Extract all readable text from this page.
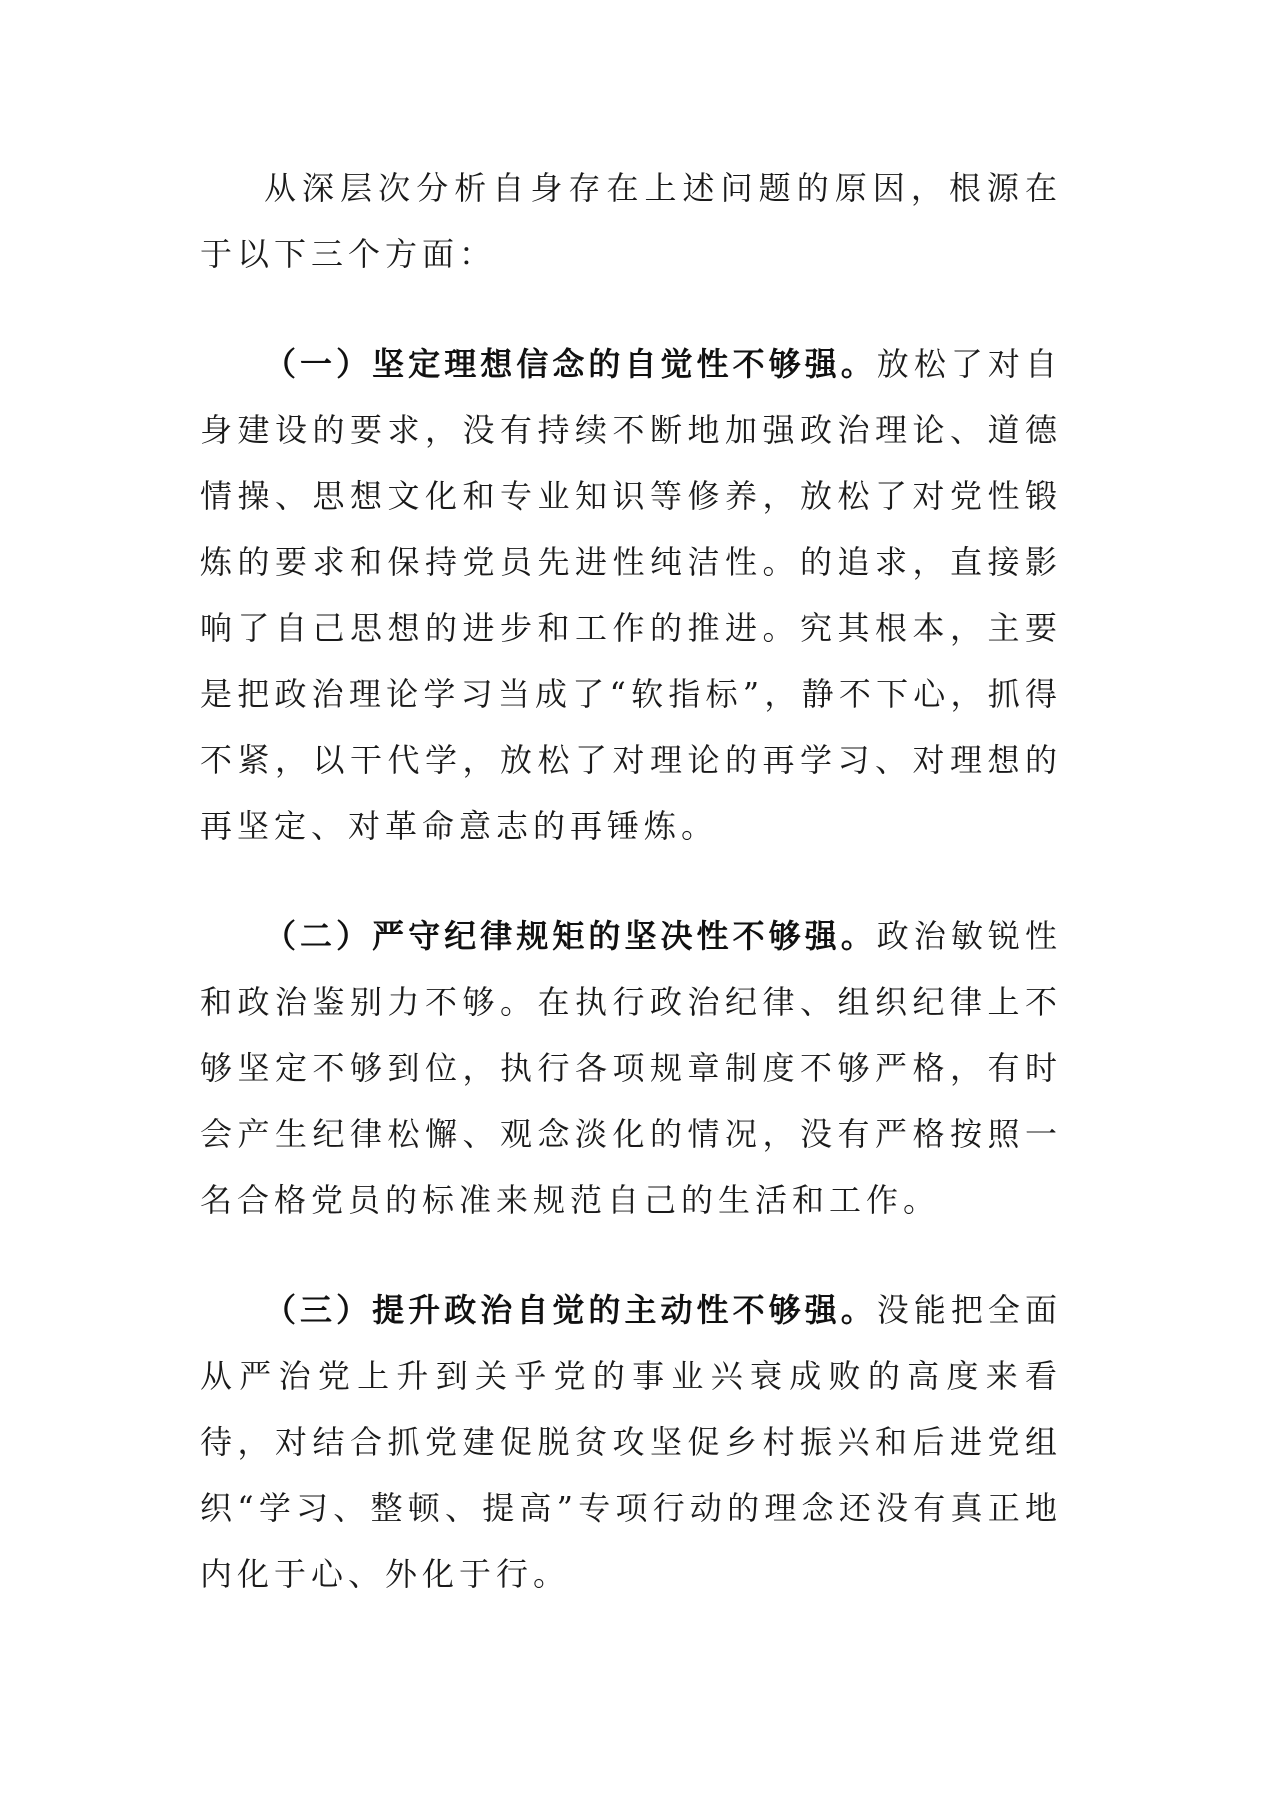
从深层次分析自身存在上述问题的原因，根源在于以下三个方面：

（一）坚定理想信念的自觉性不够强。放松了对自身建设的要求，没有持续不断地加强政治理论、道德情操、思想文化和专业知识等修养，放松了对党性锻炼的要求和保持党员先进性纯洁性。的追求，直接影响了自己思想的进步和工作的推进。究其根本，主要是把政治理论学习当成了“软指标”，静不下心，抓得不紧，以干代学，放松了对理论的再学习、对理想的再坚定、对革命意志的再锤炼。

（二）严守纪律规矩的坚决性不够强。政治敏锐性和政治鉴别力不够。在执行政治纪律、组织纪律上不够坚定不够到位，执行各项规章制度不够严格，有时会产生纪律松懈、观念淡化的情况，没有严格按照一名合格党员的标准来规范自己的生活和工作。

（三）提升政治自觉的主动性不够强。没能把全面从严治党上升到关乎党的事业兴衰成败的高度来看待，对结合抓党建促脱贫攻坚促乡村振兴和后进党组织“学习、整顿、提高”专项行动的理念还没有真正地内化于心、外化于行。
